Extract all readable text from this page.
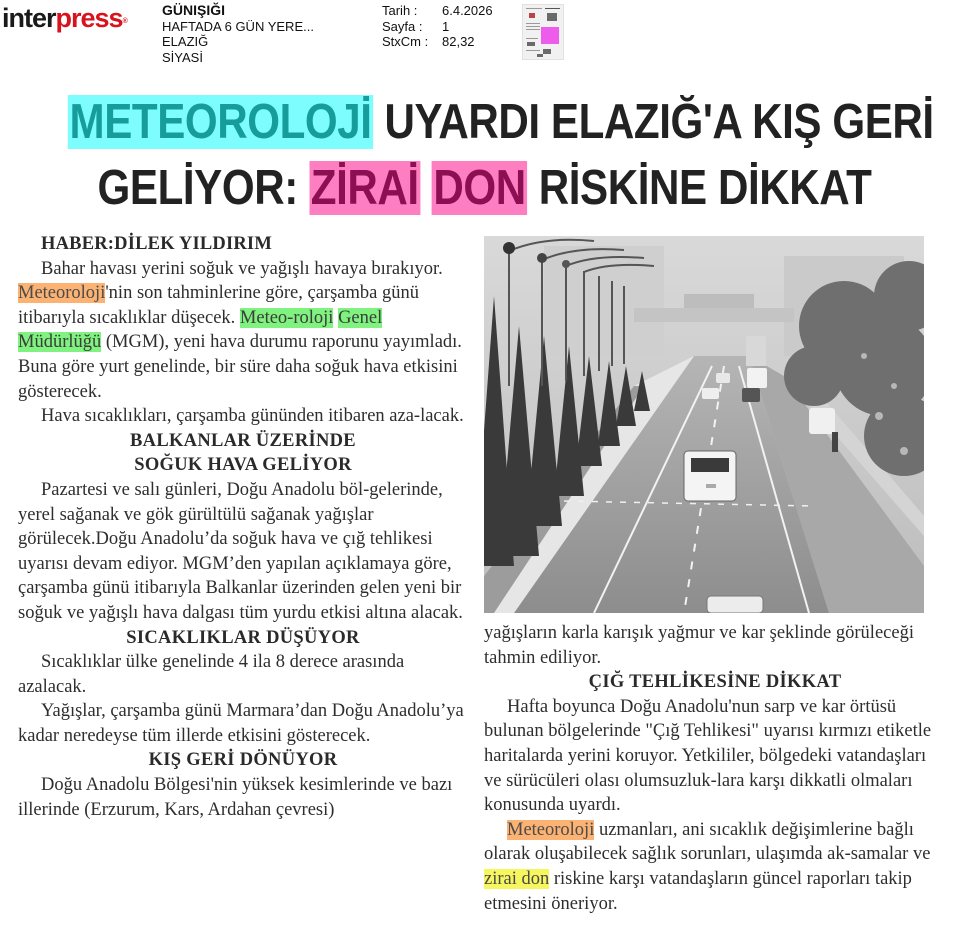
interpress®
GÜNIŞIĞI
HAFTADA 6 GÜN YERE...
ELAZIĞ
SİYASİ
Tarih :	6.4.2026
Sayfa :	1
StxCm :	82,32
METEOROLOJİ UYARDI ELAZIĞ'A KIŞ GERİ
GELİYOR: ZİRAİ DON RİSKİNE DİKKAT
HABER:DİLEK YILDIRIM

Bahar havası yerini soğuk ve yağışlı havaya bırakıyor. Meteoroloji'nin son tahminlerine göre, çarşamba günü itibarıyla sıcaklıklar düşecek. Meteo-roloji Genel Müdürlüğü (MGM), yeni hava durumu raporunu yayımladı. Buna göre yurt genelinde, bir süre daha soğuk hava etkisini gösterecek.

Hava sıcaklıkları, çarşamba gününden itibaren aza-lacak.

BALKANLAR ÜZERİNDE
SOĞUK HAVA GELİYOR

Pazartesi ve salı günleri, Doğu Anadolu böl-gelerinde, yerel sağanak ve gök gürültülü sağanak yağışlar görülecek.Doğu Anadolu’da soğuk hava ve çığ tehlikesi uyarısı devam ediyor. MGM’den yapılan açıklamaya göre, çarşamba günü itibarıyla Balkanlar üzerinden gelen yeni bir soğuk ve yağışlı hava dalgası tüm yurdu etkisi altına alacak.

SICAKLIKLAR DÜŞÜYOR

Sıcaklıklar ülke genelinde 4 ila 8 derece arasında azalacak.

Yağışlar, çarşamba günü Marmara’dan Doğu Anadolu’ya kadar neredeyse tüm illerde etkisini gösterecek.

KIŞ GERİ DÖNÜYOR

Doğu Anadolu Bölgesi'nin yüksek kesimlerinde ve bazı illerinde (Erzurum, Kars, Ardahan çevresi)

yağışların karla karışık yağmur ve kar şeklinde görüleceği tahmin ediliyor.

ÇIĞ TEHLİKESİNE DİKKAT

Hafta boyunca Doğu Anadolu'nun sarp ve kar örtüsü bulunan bölgelerinde "Çığ Tehlikesi" uyarısı kırmızı etiketle haritalarda yerini koruyor. Yetkililer, bölgedeki vatandaşları ve sürücüleri olası olumsuzluk-lara karşı dikkatli olmaları konusunda uyardı.

Meteoroloji uzmanları, ani sıcaklık değişimlerine bağlı olarak oluşabilecek sağlık sorunları, ulaşımda ak-samalar ve zirai don riskine karşı vatandaşların güncel raporları takip etmesini öneriyor.
